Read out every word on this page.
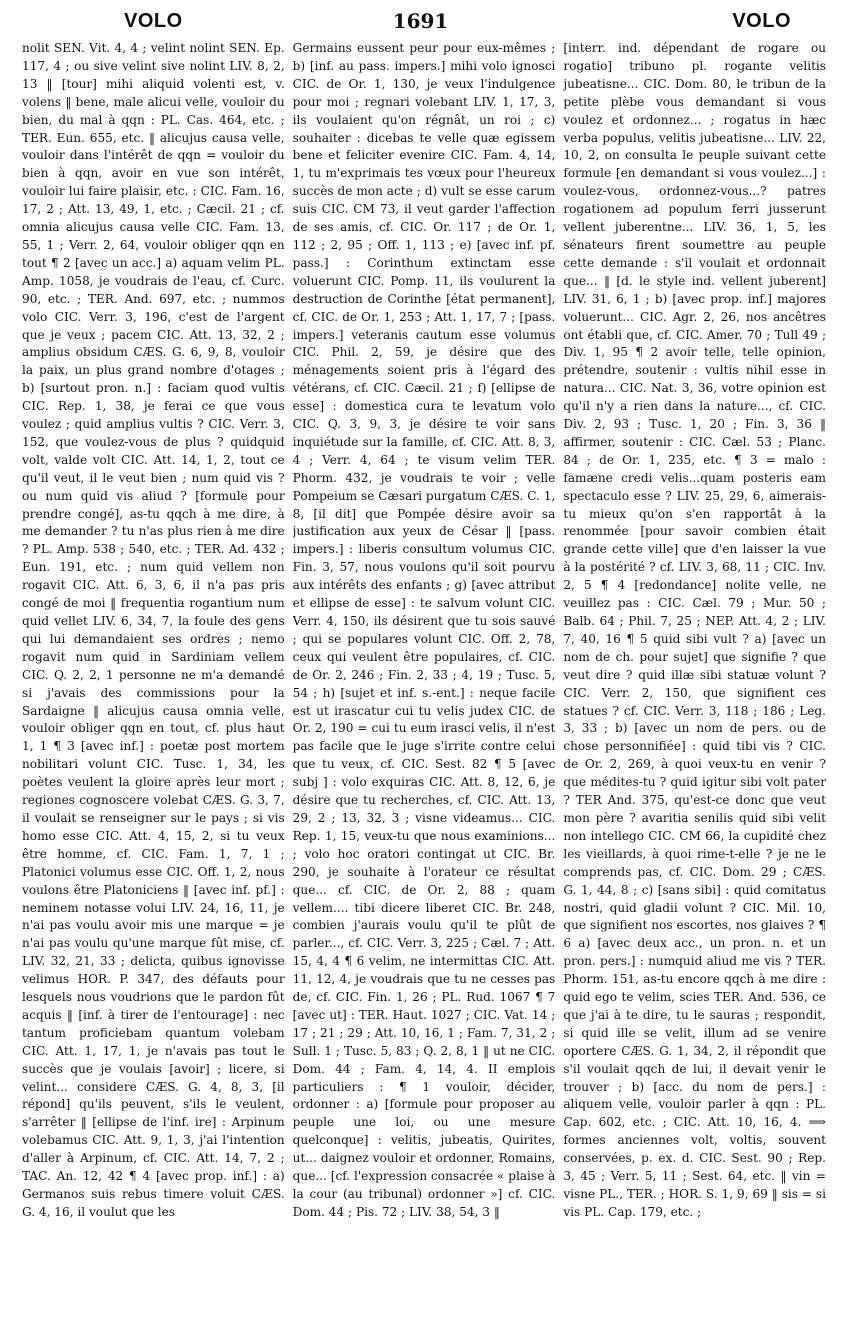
VOLO	1691	VOLO

nolit SEN. Vit. 4, 4 ; velint nolint SEN. Ep. 117, 4 ; ou sive velint sive nolint LIV. 8, 2, 13 ‖ [tour] mihi aliquid volenti est, v. volens ‖ bene, male alicui velle, vouloir du bien, du mal à qqn : PL. Cas. 464, etc. ; TER. Eun. 655, etc. ‖ alicujus causa velle, vouloir dans l'intérêt de qqn = vouloir du bien à qqn, avoir en vue son intérêt, vouloir lui faire plaisir, etc. : CIC. Fam. 16, 17, 2 ; Att. 13, 49, 1, etc. ; Cæcil. 21 ; cf. omnia alicujus causa velle CIC. Fam. 13, 55, 1 ; Verr. 2, 64, vouloir obliger qqn en tout ¶ 2 [avec un acc.] a) aquam velim PL. Amp. 1058, je voudrais de l'eau, cf. Curc. 90, etc. ; TER. And. 697, etc. ; nummos volo CIC. Verr. 3, 196, c'est de l'argent que je veux ; pacem CIC. Att. 13, 32, 2 ; amplius obsidum CÆS. G. 6, 9, 8, vouloir la paix, un plus grand nombre d'otages ; b) [surtout pron. n.] : faciam quod vultis CIC. Rep. 1, 38, je ferai ce que vous voulez ; quid amplius vultis ? CIC. Verr. 3, 152, que voulez-vous de plus ? quidquid volt, valde volt CIC. Att. 14, 1, 2, tout ce qu'il veut, il le veut bien ; num quid vis ? ou num quid vis aliud ? [formule pour prendre congé], as-tu qqch à me dire, à me demander ? tu n'as plus rien à me dire ? PL. Amp. 538 ; 540, etc. ; TER. Ad. 432 ; Eun. 191, etc. ; num quid vellem non rogavit CIC. Att. 6, 3, 6, il n'a pas pris congé de moi ‖ frequentia rogantium num quid vellet LIV. 6, 34, 7, la foule des gens qui lui demandaient ses ordres ; nemo rogavit num quid in Sardiniam vellem CIC. Q. 2, 2, 1 personne ne m'a demandé si j'avais des commissions pour la Sardaigne ‖ alicujus causa omnia velle, vouloir obliger qqn en tout, cf. plus haut 1, 1 ¶ 3 [avec inf.] : poetæ post mortem nobilitari volunt CIC. Tusc. 1, 34, les poètes veulent la gloire après leur mort ; regiones cognoscere volebat CÆS. G. 3, 7, il voulait se renseigner sur le pays ; si vis homo esse CIC. Att. 4, 15, 2, si tu veux être homme, cf. CIC. Fam. 1, 7, 1 ; Platonici volumus esse CIC. Off. 1, 2, nous voulons être Platoniciens ‖ [avec inf. pf.] : neminem notasse volui LIV. 24, 16, 11, je n'ai pas voulu avoir mis une marque = je n'ai pas voulu qu'une marque fût mise, cf. LIV. 32, 21, 33 ; delicta, quibus ignovisse velimus HOR. P. 347, des défauts pour lesquels nous voudrions que le pardon fût acquis ‖ [inf. à tirer de l'entourage] : nec tantum proficiebam quantum volebam CIC. Att. 1, 17, 1, je n'avais pas tout le succès que je voulais [avoir] ; licere, si velint... considere CÆS. G. 4, 8, 3, [il répond] qu'ils peuvent, s'ils le veulent, s'arrêter ‖ [ellipse de l'inf. ire] : Arpinum volebamus CIC. Att. 9, 1, 3, j'ai l'intention d'aller à Arpinum, cf. CIC. Att. 14, 7, 2 ; TAC. An. 12, 42 ¶ 4 [avec prop. inf.] : a) Germanos suis rebus timere voluit CÆS. G. 4, 16, il voulut que les

Germains eussent peur pour eux-mêmes ; b) [inf. au pass. impers.] mihi volo ignosci CIC. de Or. 1, 130, je veux l'indulgence pour moi ; regnari volebant LIV. 1, 17, 3, ils voulaient qu'on régnât, un roi ; c) souhaiter : dicebas te velle quæ egissem bene et feliciter evenire CIC. Fam. 4, 14, 1, tu m'exprimais tes vœux pour l'heureux succès de mon acte ; d) vult se esse carum suis CIC. CM 73, il veut garder l'affection de ses amis, cf. CIC. Or. 117 ; de Or. 1, 112 ; 2, 95 ; Off. 1, 113 ; e) [avec inf. pf. pass.] : Corinthum extinctam esse voluerunt CIC. Pomp. 11, ils voulurent la destruction de Corinthe [état permanent], cf. CIC. de Or. 1, 253 ; Att. 1, 17, 7 ; [pass. impers.] veteranis cautum esse volumus CIC. Phil. 2, 59, je désire que des ménagements soient pris à l'égard des vétérans, cf. CIC. Cæcil. 21 ; f) [ellipse de esse] : domestica cura te levatum volo CIC. Q. 3, 9, 3, je désire te voir sans inquiétude sur la famille, cf. CIC. Att. 8, 3, 4 ; Verr. 4, 64 ; te visum velim TER. Phorm. 432, je voudrais te voir ; velle Pompeium se Cæsari purgatum CÆS. C. 1, 8, [il dit] que Pompée désire avoir sa justification aux yeux de César ‖ [pass. impers.] : liberis consultum volumus CIC. Fin. 3, 57, nous voulons qu'il soit pourvu aux intérêts des enfants ; g) [avec attribut et ellipse de esse] : te salvum volunt CIC. Verr. 4, 150, ils désirent que tu sois sauvé ; qui se populares volunt CIC. Off. 2, 78, ceux qui veulent être populaires, cf. CIC. de Or. 2, 246 ; Fin. 2, 33 ; 4, 19 ; Tusc. 5, 54 ; h) [sujet et inf. s.-ent.] : neque facile est ut irascatur cui tu velis judex CIC. de Or. 2, 190 = cui tu eum irasci velis, il n'est pas facile que le juge s'irrite contre celui que tu veux, cf. CIC. Sest. 82 ¶ 5 [avec subj ] : volo exquiras CIC. Att. 8, 12, 6, je désire que tu recherches, cf. CIC. Att. 13, 29, 2 ; 13, 32, 3 ; visne videamus... CIC. Rep. 1, 15, veux-tu que nous examinions... ; volo hoc oratori contingat ut CIC. Br. 290, je souhaite à l'orateur ce résultat que... cf. CIC. de Or. 2, 88 ; quam vellem.... tibi dicere liberet CIC. Br. 248, combien j'aurais voulu qu'il te plût de parler..., cf. CIC. Verr. 3, 225 ; Cæl. 7 ; Att. 15, 4, 4 ¶ 6 velim, ne intermittas CIC. Att. 11, 12, 4, je voudrais que tu ne cesses pas de, cf. CIC. Fin. 1, 26 ; PL. Rud. 1067 ¶ 7 [avec ut] : TER. Haut. 1027 ; CIC. Vat. 14 ; 17 ; 21 ; 29 ; Att. 10, 16, 1 ; Fam. 7, 31, 2 ; Sull. 1 ; Tusc. 5, 83 ; Q. 2, 8, 1 ‖ ut ne CIC. Dom. 44 ; Fam. 4, 14, 4. II emplois particuliers : ¶ 1 vouloir, décider, ordonner : a) [formule pour proposer au peuple une loi, ou une mesure quelconque] : velitis, jubeatis, Quirites, ut... daignez vouloir et ordonner, Romains, que... [cf. l'expression consacrée « plaise à la cour (au tribunal) ordonner »] cf. CIC. Dom. 44 ; Pis. 72 ; LIV. 38, 54, 3 ‖

[interr. ind. dépendant de rogare ou rogatio] tribuno pl. rogante velitis jubeatisne... CIC. Dom. 80, le tribun de la petite plèbe vous demandant si vous voulez et ordonnez... ; rogatus in hæc verba populus, velitis jubeatisne... LIV. 22, 10, 2, on consulta le peuple suivant cette formule [en demandant si vous voulez...] : voulez-vous, ordonnez-vous...? patres rogationem ad populum ferri jusserunt vellent juberentne... LIV. 36, 1, 5, les sénateurs firent soumettre au peuple cette demande : s'il voulait et ordonnait que... ‖ [d. le style ind. vellent juberent] LIV. 31, 6, 1 ; b) [avec prop. inf.] majores voluerunt... CIC. Agr. 2, 26, nos ancêtres ont établi que, cf. CIC. Amer. 70 ; Tull 49 ; Div. 1, 95 ¶ 2 avoir telle, telle opinion, prétendre, soutenir : vultis nihil esse in natura... CIC. Nat. 3, 36, votre opinion est qu'il n'y a rien dans la nature..., cf. CIC. Div. 2, 93 ; Tusc. 1, 20 ; Fin. 3, 36 ‖ affirmer, soutenir : CIC. Cæl. 53 ; Planc. 84 ; de Or. 1, 235, etc. ¶ 3 = malo : famæne credi velis...quam posteris eam spectaculo esse ? LIV. 25, 29, 6, aimerais-tu mieux qu'on s'en rapportât à la renommée [pour savoir combien était grande cette ville] que d'en laisser la vue à la postérité ? cf. LIV. 3, 68, 11 ; CIC. Inv. 2, 5 ¶ 4 [redondance] nolite velle, ne veuillez pas : CIC. Cæl. 79 ; Mur. 50 ; Balb. 64 ; Phil. 7, 25 ; NEP. Att. 4, 2 ; LIV. 7, 40, 16 ¶ 5 quid sibi vult ? a) [avec un nom de ch. pour sujet] que signifie ? que veut dire ? quid illæ sibi statuæ volunt ? CIC. Verr. 2, 150, que signifient ces statues ? cf. CIC. Verr. 3, 118 ; 186 ; Leg. 3, 33 ; b) [avec un nom de pers. ou de chose personnifiée] : quid tibi vis ? CIC. de Or. 2, 269, à quoi veux-tu en venir ? que médites-tu ? quid igitur sibi volt pater ? TER And. 375, qu'est-ce donc que veut mon père ? avaritia senilis quid sibi velit non intellego CIC. CM 66, la cupidité chez les vieillards, à quoi rime-t-elle ? je ne le comprends pas, cf. CIC. Dom. 29 ; CÆS. G. 1, 44, 8 ; c) [sans sibi] : quid comitatus nostri, quid gladii volunt ? CIC. Mil. 10, que signifient nos escortes, nos glaives ? ¶ 6 a) [avec deux acc., un pron. n. et un pron. pers.] : numquid aliud me vis ? TER. Phorm. 151, as-tu encore qqch à me dire : quid ego te velim, scies TER. And. 536, ce que j'ai à te dire, tu le sauras ; respondit, si quid ille se velit, illum ad se venire oportere CÆS. G. 1, 34, 2, il répondit que s'il voulait qqch de lui, il devait venir le trouver ; b) [acc. du nom de pers.] : aliquem velle, vouloir parler à qqn : PL. Cap. 602, etc. ; CIC. Att. 10, 16, 4. ⟹ formes anciennes volt, voltis, souvent conservées, p. ex. d. CIC. Sest. 90 ; Rep. 3, 45 ; Verr. 5, 11 ; Sest. 64, etc. ‖ vin = visne PL., TER. ; HOR. S. 1, 9, 69 ‖ sis = si vis PL. Cap. 179, etc. ;
